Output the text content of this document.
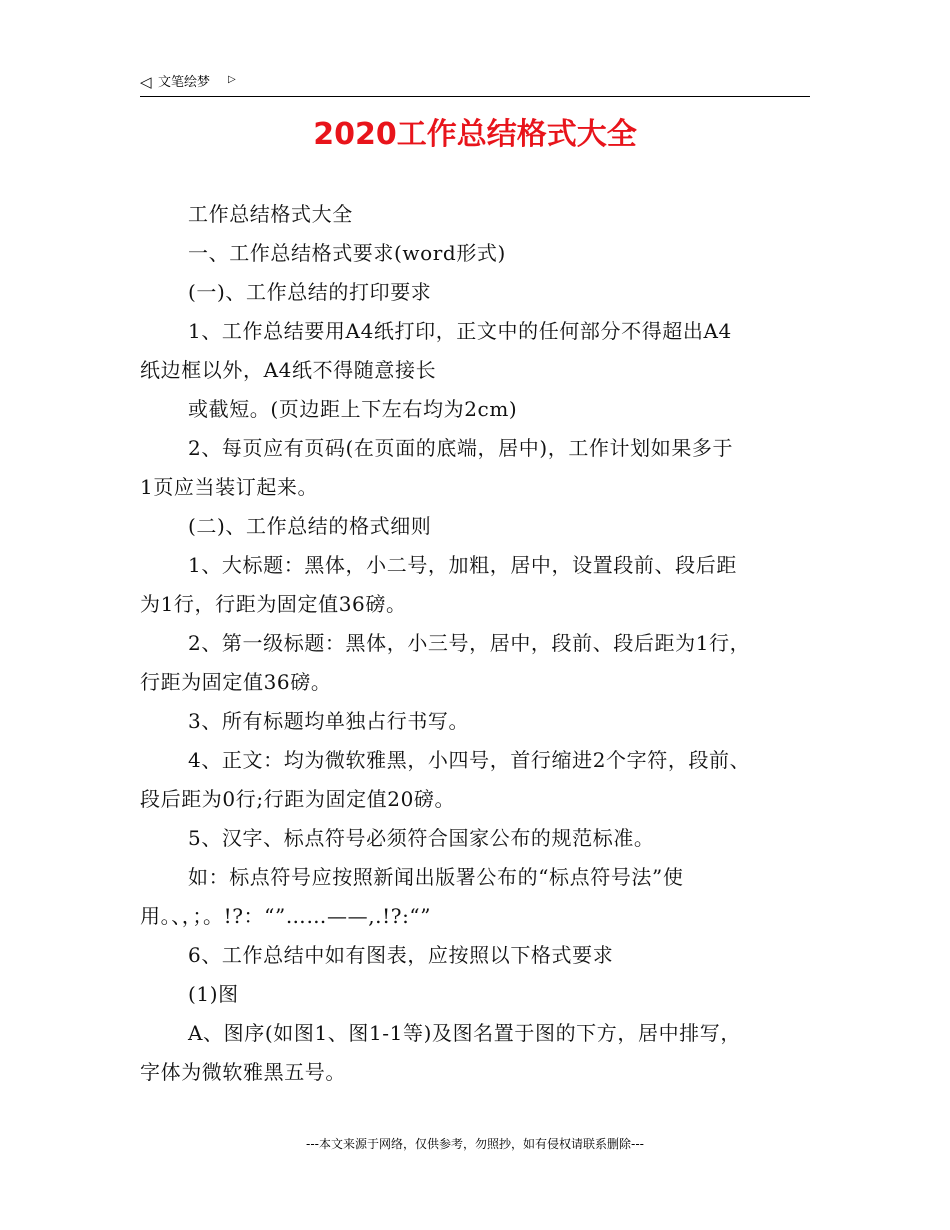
◁ 文笔绘梦 ▷
2020工作总结格式大全

工作总结格式大全

一、工作总结格式要求(word形式)

(一)、工作总结的打印要求

1、工作总结要用A4纸打印，正文中的任何部分不得超出A4

纸边框以外，A4纸不得随意接长

或截短。(页边距上下左右均为2cm)

2、每页应有页码(在页面的底端，居中)，工作计划如果多于

1页应当装订起来。

(二)、工作总结的格式细则

1、大标题：黑体，小二号，加粗，居中，设置段前、段后距

为1行，行距为固定值36磅。

2、第一级标题：黑体，小三号，居中，段前、段后距为1行，

行距为固定值36磅。

3、所有标题均单独占行书写。

4、正文：均为微软雅黑，小四号，首行缩进2个字符，段前、

段后距为0行;行距为固定值20磅。

5、汉字、标点符号必须符合国家公布的规范标准。

如：标点符号应按照新闻出版署公布的“标点符号法”使

用。、，；。!?：“”……——,.!?:“”

6、工作总结中如有图表，应按照以下格式要求

(1)图

A、图序(如图1、图1-1等)及图名置于图的下方，居中排写，

字体为微软雅黑五号。

---本文来源于网络，仅供参考，勿照抄，如有侵权请联系删除---
